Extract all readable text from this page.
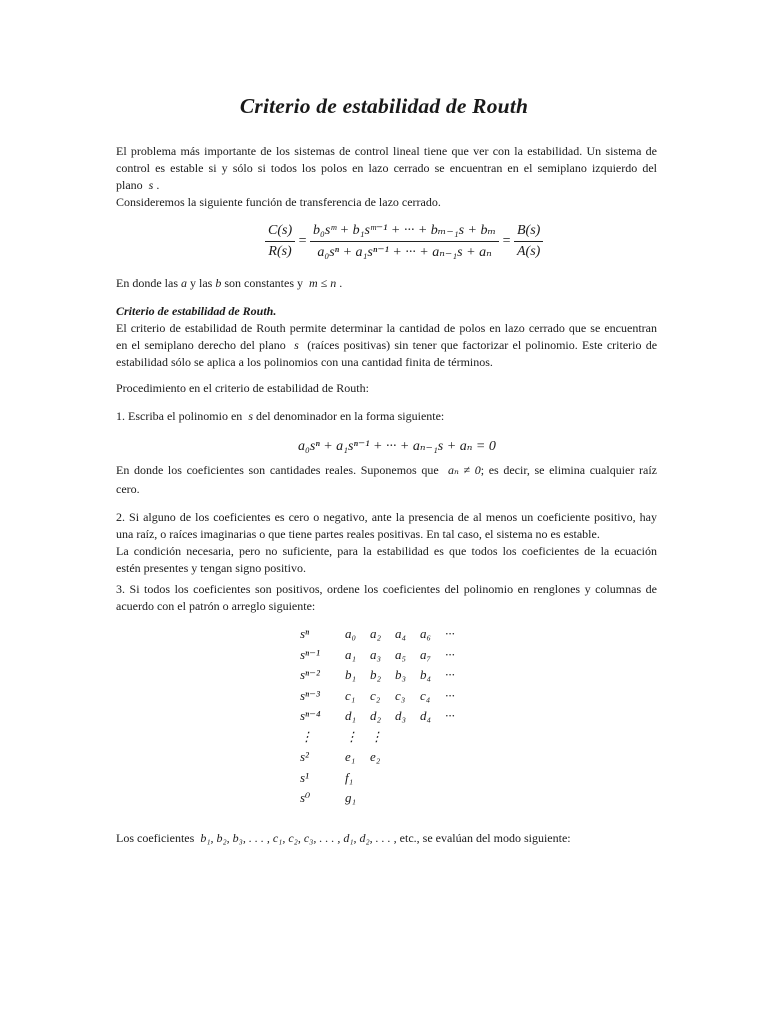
Criterio de estabilidad de Routh
El problema más importante de los sistemas de control lineal tiene que ver con la estabilidad. Un sistema de
control es estable si y sólo si todos los polos en lazo cerrado se encuentran en el semiplano izquierdo del
plano s .
Consideremos la siguiente función de transferencia de lazo cerrado.
$\frac{C(s)}{R(s)} = \frac{\text{b₀sᵐ + b₁sᵐ⁻¹ + ··· + bₘ₋₁s + bₘ}}{\text{a₀sⁿ + a₁sⁿ⁻¹ + ··· + aₙ₋₁s + aₙ}} = \frac{B(s)}{A(s)}$
En donde las a y las b son constantes y m ≤ n .
Criterio de estabilidad de Routh.
El criterio de estabilidad de Routh permite determinar la cantidad de polos en lazo cerrado que se encuentran
en el semiplano derecho del plano s (raíces positivas) sin tener que factorizar el polinomio. Este criterio de
estabilidad sólo se aplica a los polinomios con una cantidad finita de términos.
Procedimiento en el criterio de estabilidad de Routh:
1. Escriba el polinomio en s del denominador en la forma siguiente:
a₀sⁿ + a₁sⁿ⁻¹ + ··· + aₙ₋₁s + aₙ = 0
En donde los coeficientes son cantidades reales. Suponemos que aₙ ≠ 0; es decir, se elimina cualquier raíz
cero.
2. Si alguno de los coeficientes es cero o negativo, ante la presencia de al menos un coeficiente positivo, hay
una raíz, o raíces imaginarias o que tiene partes reales positivas. En tal caso, el sistema no es estable.
La condición necesaria, pero no suficiente, para la estabilidad es que todos los coeficientes de la ecuación
estén presentes y tengan signo positivo.
3. Si todos los coeficientes son positivos, ordene los coeficientes del polinomio en renglones y columnas de
acuerdo con el patrón o arreglo siguiente:
sⁿ	a₀ a₂ a₄ a₆ ···
sⁿ⁻¹ a₁ a₃ a₅ a₇ ···
sⁿ⁻² b₁ b₂ b₃ b₄ ···
sⁿ⁻³ c₁ c₂ c₃ c₄ ···
sⁿ⁻⁴ d₁ d₂ d₃ d₄ ···
⋮ ⋮ ⋮
s²	e₁ e₂
s¹	f₁
s⁰	g₁
Los coeficientes b₁, b₂, b₃, . . . , c₁, c₂, c₃, . . . , d₁, d₂, . . . , etc., se evalúan del modo siguiente:
